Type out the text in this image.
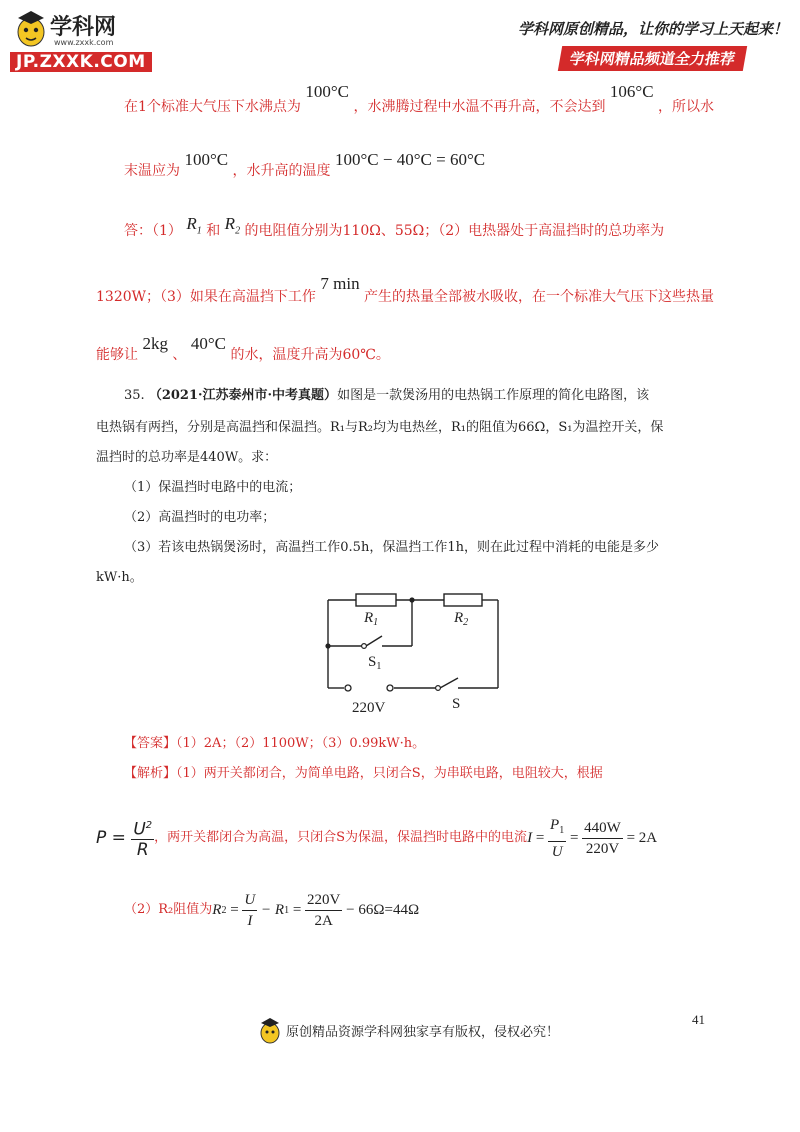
学科网
www.zxxk.com
JP.ZXXK.COM
学科网原创精品，让你的学习上天起来！
学科网精品频道全力推荐
在1个标准大气压下水沸点为 100°C ，水沸腾过程中水温不再升高，不会达到 106°C ，所以水
末温应为 100°C ，水升高的温度 100°C − 40°C = 60°C
答：（1） $R_1$ 和 $R_2$ 的电阻值分别为110Ω、55Ω；（2）电热器处于高温挡时的总功率为
1320W；（3）如果在高温挡下工作 7 min 产生的热量全部被水吸收，在一个标准大气压下这些热量
能够让 2kg 、 40°C 的水，温度升高为60℃。
35. （2021·江苏泰州市·中考真题）如图是一款煲汤用的电热锅工作原理的简化电路图，该
电热锅有两挡，分别是高温挡和保温挡。R₁与R₂均为电热丝，R₁的阻值为66Ω，S₁为温控开关，保
温挡时的总功率是440W。求：
（1）保温挡时电路中的电流；
（2）高温挡时的电功率；
（3）若该电热锅煲汤时，高温挡工作0.5h，保温挡工作1h，则在此过程中消耗的电能是多少
kW·h。
$R_1$	$R_2$
$S_1$
S
220V
【答案】（1）2A；（2）1100W；（3）0.99kW·h。
【解析】（1）两开关都闭合，为简单电路，只闭合S，为串联电路，电阻较大，根据
P
=
$\frac{U^2}{R}$ ，两开关都闭合为高温，只闭合S为保温，保温挡时电路中的电流 $I = \frac{P_1}{U} = \frac{440W}{220V}$
= 2A
（2）R₂阻值为 R $2 = \frac{U}{I}$
− R $1 = \frac{220V}{2A}$
− 66Ω=44Ω
41
原创精品资源学科网独家享有版权，侵权必究！
